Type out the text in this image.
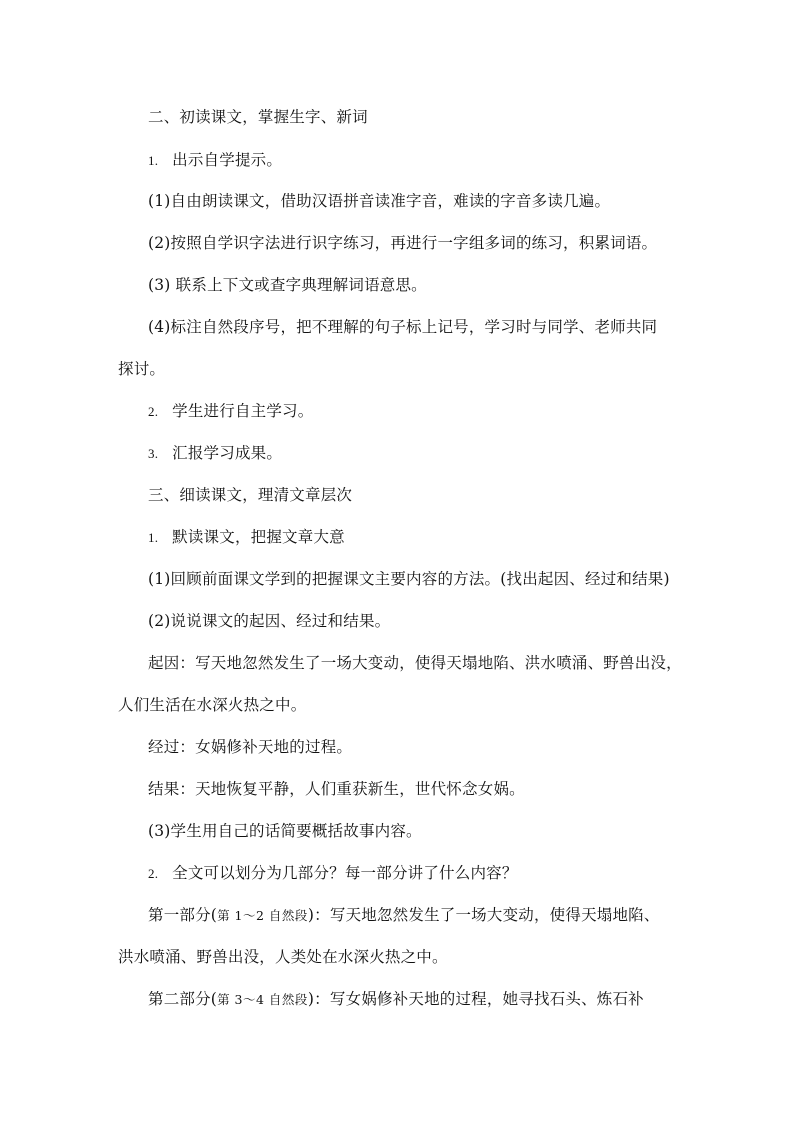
二、初读课文，掌握生字、新词
1. 出示自学提示。
(1)自由朗读课文，借助汉语拼音读准字音，难读的字音多读几遍。
(2)按照自学识字法进行识字练习，再进行一字组多词的练习，积累词语。
(3) 联系上下文或查字典理解词语意思。
(4)标注自然段序号，把不理解的句子标上记号，学习时与同学、老师共同
探讨。
2. 学生进行自主学习。
3. 汇报学习成果。
三、细读课文，理清文章层次
1. 默读课文，把握文章大意
(1)回顾前面课文学到的把握课文主要内容的方法。(找出起因、经过和结果)
(2)说说课文的起因、经过和结果。
起因：写天地忽然发生了一场大变动，使得天塌地陷、洪水喷涌、野兽出没，
人们生活在水深火热之中。
经过：女娲修补天地的过程。
结果：天地恢复平静，人们重获新生，世代怀念女娲。
(3)学生用自己的话简要概括故事内容。
2. 全文可以划分为几部分？每一部分讲了什么内容？
第一部分(第 1～2 自然段)：写天地忽然发生了一场大变动，使得天塌地陷、
洪水喷涌、野兽出没，人类处在水深火热之中。
第二部分(第 3～4 自然段)：写女娲修补天地的过程，她寻找石头、炼石补
